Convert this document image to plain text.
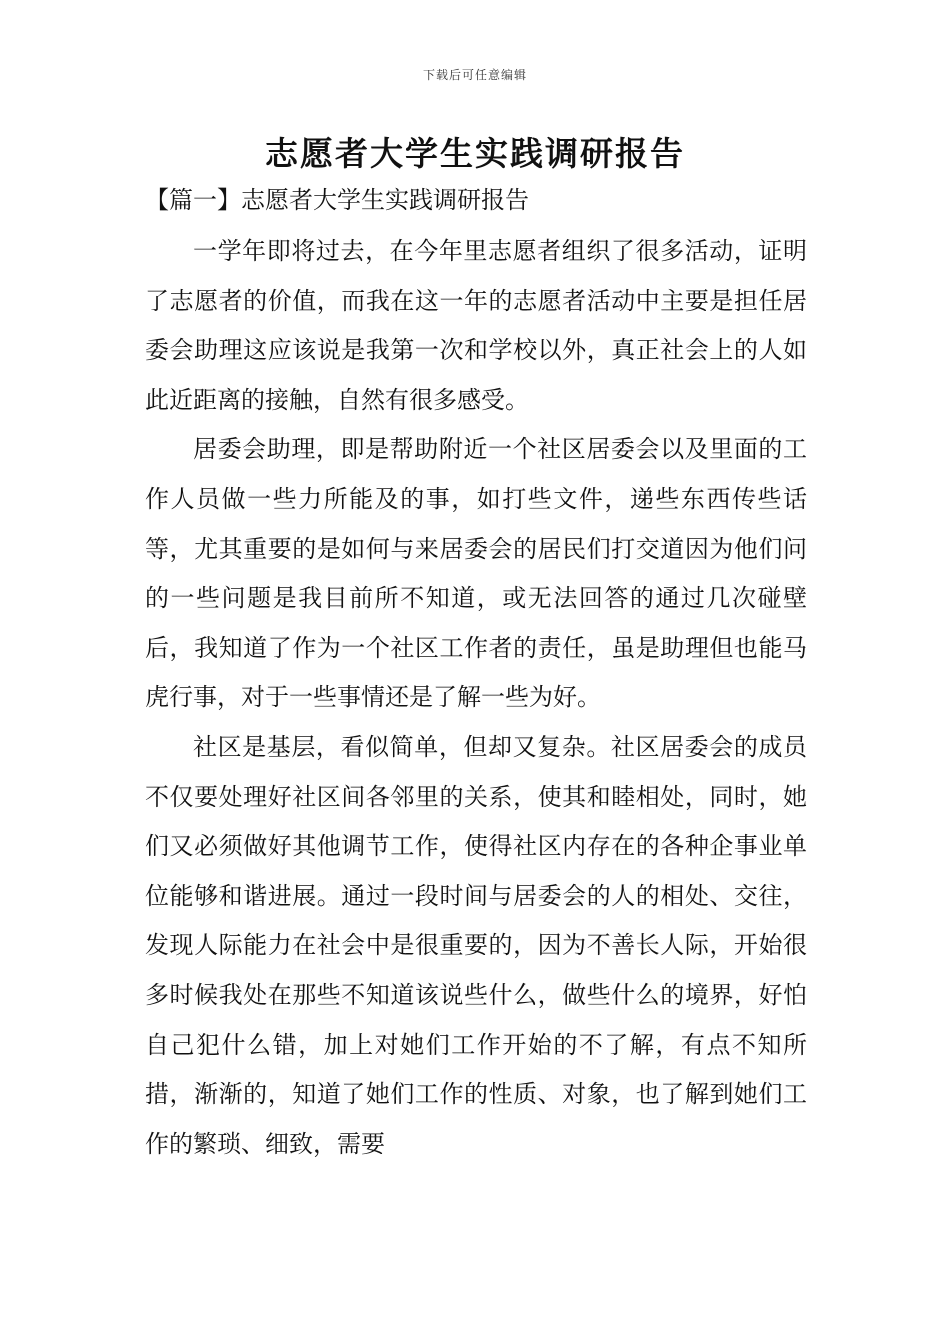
下载后可任意编辑
志愿者大学生实践调研报告
【篇一】志愿者大学生实践调研报告

一学年即将过去，在今年里志愿者组织了很多活动，证明了志愿者的价值，而我在这一年的志愿者活动中主要是担任居委会助理这应该说是我第一次和学校以外，真正社会上的人如此近距离的接触，自然有很多感受。

居委会助理，即是帮助附近一个社区居委会以及里面的工作人员做一些力所能及的事，如打些文件，递些东西传些话等，尤其重要的是如何与来居委会的居民们打交道因为他们问的一些问题是我目前所不知道，或无法回答的通过几次碰壁后，我知道了作为一个社区工作者的责任，虽是助理但也能马虎行事，对于一些事情还是了解一些为好。

社区是基层，看似简单，但却又复杂。社区居委会的成员不仅要处理好社区间各邻里的关系，使其和睦相处，同时，她们又必须做好其他调节工作，使得社区内存在的各种企事业单位能够和谐进展。通过一段时间与居委会的人的相处、交往，发现人际能力在社会中是很重要的，因为不善长人际，开始很多时候我处在那些不知道该说些什么，做些什么的境界，好怕自己犯什么错，加上对她们工作开始的不了解，有点不知所措，渐渐的，知道了她们工作的性质、对象，也了解到她们工作的繁琐、细致，需要
